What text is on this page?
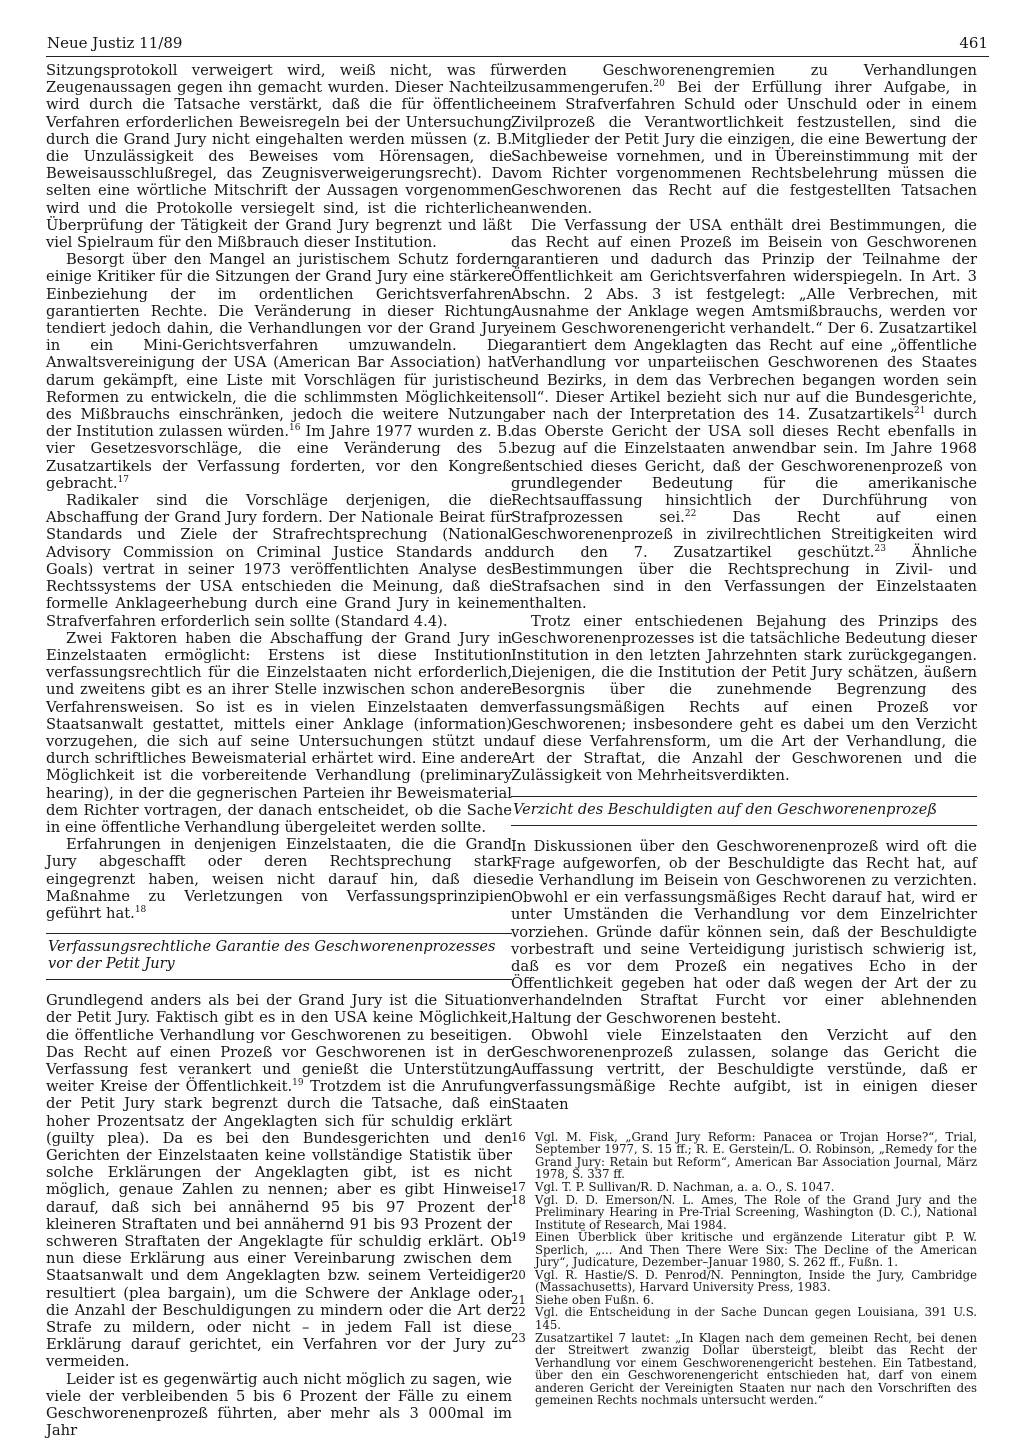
Neue Justiz 11/89	461

Sitzungsprotokoll verweigert wird, weiß nicht, was für Zeugenaussagen gegen ihn gemacht wurden. Dieser Nachteil wird durch die Tatsache verstärkt, daß die für öffentliche Verfahren erforderlichen Beweisregeln bei der Untersuchung durch die Grand Jury nicht eingehalten werden müssen (z. B. die Unzulässigkeit des Beweises vom Hörensagen, die Beweisausschlußregel, das Zeugnisverweigerungsrecht). Da selten eine wörtliche Mitschrift der Aussagen vorgenommen wird und die Protokolle versiegelt sind, ist die richterliche Überprüfung der Tätigkeit der Grand Jury begrenzt und läßt viel Spielraum für den Mißbrauch dieser Institution.

Besorgt über den Mangel an juristischem Schutz fordern einige Kritiker für die Sitzungen der Grand Jury eine stärkere Einbeziehung der im ordentlichen Gerichtsverfahren garantierten Rechte. Die Veränderung in dieser Richtung tendiert jedoch dahin, die Verhandlungen vor der Grand Jury in ein Mini-Gerichtsverfahren umzuwandeln. Die Anwaltsvereinigung der USA (American Bar Association) hat darum gekämpft, eine Liste mit Vorschlägen für juristische Reformen zu entwickeln, die die schlimmsten Möglichkeiten des Mißbrauchs einschränken, jedoch die weitere Nutzung der Institution zulassen würden.$^{16}$ Im Jahre 1977 wurden z. B. vier Gesetzesvorschläge, die eine Veränderung des 5. Zusatzartikels der Verfassung forderten, vor den Kongreß gebracht.$^{17}$

Radikaler sind die Vorschläge derjenigen, die die Abschaffung der Grand Jury fordern. Der Nationale Beirat für Standards und Ziele der Strafrechtsprechung (National Advisory Commission on Criminal Justice Standards and Goals) vertrat in seiner 1973 veröffentlichten Analyse des Rechtssystems der USA entschieden die Meinung, daß die formelle Anklageerhebung durch eine Grand Jury in keinem Strafverfahren erforderlich sein sollte (Standard 4.4).

Zwei Faktoren haben die Abschaffung der Grand Jury in Einzelstaaten ermöglicht: Erstens ist diese Institution verfassungsrechtlich für die Einzelstaaten nicht erforderlich, und zweitens gibt es an ihrer Stelle inzwischen schon andere Verfahrensweisen. So ist es in vielen Einzelstaaten dem Staatsanwalt gestattet, mittels einer Anklage (information) vorzugehen, die sich auf seine Untersuchungen stützt und durch schriftliches Beweismaterial erhärtet wird. Eine andere Möglichkeit ist die vorbereitende Verhandlung (preliminary hearing), in der die gegnerischen Parteien ihr Beweismaterial dem Richter vortragen, der danach entscheidet, ob die Sache in eine öffentliche Verhandlung übergeleitet werden sollte.

Erfahrungen in denjenigen Einzelstaaten, die die Grand Jury abgeschafft oder deren Rechtsprechung stark eingegrenzt haben, weisen nicht darauf hin, daß diese Maßnahme zu Verletzungen von Verfassungsprinzipien geführt hat.$^{18}$

Verfassungsrechtliche Garantie des Geschworenenprozesses vor der Petit Jury

Grundlegend anders als bei der Grand Jury ist die Situation der Petit Jury. Faktisch gibt es in den USA keine Möglichkeit, die öffentliche Verhandlung vor Geschworenen zu beseitigen. Das Recht auf einen Prozeß vor Geschworenen ist in der Verfassung fest verankert und genießt die Unterstützung weiter Kreise der Öffentlichkeit.$^{19}$ Trotzdem ist die Anrufung der Petit Jury stark begrenzt durch die Tatsache, daß ein hoher Prozentsatz der Angeklagten sich für schuldig erklärt (guilty plea). Da es bei den Bundesgerichten und den Gerichten der Einzelstaaten keine vollständige Statistik über solche Erklärungen der Angeklagten gibt, ist es nicht möglich, genaue Zahlen zu nennen; aber es gibt Hinweise darauf, daß sich bei annähernd 95 bis 97 Prozent der kleineren Straftaten und bei annähernd 91 bis 93 Prozent der schweren Straftaten der Angeklagte für schuldig erklärt. Ob nun diese Erklärung aus einer Vereinbarung zwischen dem Staatsanwalt und dem Angeklagten bzw. seinem Verteidiger resultiert (plea bargain), um die Schwere der Anklage oder die Anzahl der Beschuldigungen zu mindern oder die Art der Strafe zu mildern, oder nicht – in jedem Fall ist diese Erklärung darauf gerichtet, ein Verfahren vor der Jury zu vermeiden.

Leider ist es gegenwärtig auch nicht möglich zu sagen, wie viele der verbleibenden 5 bis 6 Prozent der Fälle zu einem Geschworenenprozeß führten, aber mehr als 3 000mal im Jahr

werden Geschworenengremien zu Verhandlungen zusammengerufen.$^{20}$ Bei der Erfüllung ihrer Aufgabe, in einem Strafverfahren Schuld oder Unschuld oder in einem Zivilprozeß die Verantwortlichkeit festzustellen, sind die Mitglieder der Petit Jury die einzigen, die eine Bewertung der Sachbeweise vornehmen, und in Übereinstimmung mit der vom Richter vorgenommenen Rechtsbelehrung müssen die Geschworenen das Recht auf die festgestellten Tatsachen anwenden.

Die Verfassung der USA enthält drei Bestimmungen, die das Recht auf einen Prozeß im Beisein von Geschworenen garantieren und dadurch das Prinzip der Teilnahme der Öffentlichkeit am Gerichtsverfahren widerspiegeln. In Art. 3 Abschn. 2 Abs. 3 ist festgelegt: „Alle Verbrechen, mit Ausnahme der Anklage wegen Amtsmißbrauchs, werden vor einem Geschworenengericht verhandelt.“ Der 6. Zusatzartikel garantiert dem Angeklagten das Recht auf eine „öffentliche Verhandlung vor unparteiischen Geschworenen des Staates und Bezirks, in dem das Verbrechen begangen worden sein soll“. Dieser Artikel bezieht sich nur auf die Bundesgerichte, aber nach der Interpretation des 14. Zusatzartikels$^{21}$ durch das Oberste Gericht der USA soll dieses Recht ebenfalls in bezug auf die Einzelstaaten anwendbar sein. Im Jahre 1968 entschied dieses Gericht, daß der Geschworenenprozeß von grundlegender Bedeutung für die amerikanische Rechtsauffassung hinsichtlich der Durchführung von Strafprozessen sei.$^{22}$ Das Recht auf einen Geschworenenprozeß in zivilrechtlichen Streitigkeiten wird durch den 7. Zusatzartikel geschützt.$^{23}$ Ähnliche Bestimmungen über die Rechtsprechung in Zivil- und Strafsachen sind in den Verfassungen der Einzelstaaten enthalten.

Trotz einer entschiedenen Bejahung des Prinzips des Geschworenenprozesses ist die tatsächliche Bedeutung dieser Institution in den letzten Jahrzehnten stark zurückgegangen. Diejenigen, die die Institution der Petit Jury schätzen, äußern Besorgnis über die zunehmende Begrenzung des verfassungsmäßigen Rechts auf einen Prozeß vor Geschworenen; insbesondere geht es dabei um den Verzicht auf diese Verfahrensform, um die Art der Verhandlung, die Art der Straftat, die Anzahl der Geschworenen und die Zulässigkeit von Mehrheitsverdikten.

Verzicht des Beschuldigten auf den Geschworenenprozeß

In Diskussionen über den Geschworenenprozeß wird oft die Frage aufgeworfen, ob der Beschuldigte das Recht hat, auf die Verhandlung im Beisein von Geschworenen zu verzichten. Obwohl er ein verfassungsmäßiges Recht darauf hat, wird er unter Umständen die Verhandlung vor dem Einzelrichter vorziehen. Gründe dafür können sein, daß der Beschuldigte vorbestraft und seine Verteidigung juristisch schwierig ist, daß es vor dem Prozeß ein negatives Echo in der Öffentlichkeit gegeben hat oder daß wegen der Art der zu verhandelnden Straftat Furcht vor einer ablehnenden Haltung der Geschworenen besteht.

Obwohl viele Einzelstaaten den Verzicht auf den Geschworenenprozeß zulassen, solange das Gericht die Auffassung vertritt, der Beschuldigte verstünde, daß er verfassungsmäßige Rechte aufgibt, ist in einigen dieser Staaten

16 Vgl. M. Fisk, „Grand Jury Reform: Panacea or Trojan Horse?“, Trial, September 1977, S. 15 ff.; R. E. Gerstein/L. O. Robinson, „Remedy for the Grand Jury: Retain but Reform“, American Bar Association Journal, März 1978, S. 337 ff.
17 Vgl. T. P. Sullivan/R. D. Nachman, a. a. O., S. 1047.
18 Vgl. D. D. Emerson/N. L. Ames, The Role of the Grand Jury and the Preliminary Hearing in Pre-Trial Screening, Washington (D. C.), National Institute of Research, Mai 1984.
19 Einen Überblick über kritische und ergänzende Literatur gibt P. W. Sperlich, „... And Then There Were Six: The Decline of the American Jury“, Judicature, Dezember–Januar 1980, S. 262 ff., Fußn. 1.
20 Vgl. R. Hastie/S. D. Penrod/N. Pennington, Inside the Jury, Cambridge (Massachusetts), Harvard University Press, 1983.
21 Siehe oben Fußn. 6.
22 Vgl. die Entscheidung in der Sache Duncan gegen Louisiana, 391 U.S. 145.
23 Zusatzartikel 7 lautet: „In Klagen nach dem gemeinen Recht, bei denen der Streitwert zwanzig Dollar übersteigt, bleibt das Recht der Verhandlung vor einem Geschworenengericht bestehen. Ein Tatbestand, über den ein Geschworenengericht entschieden hat, darf von einem anderen Gericht der Vereinigten Staaten nur nach den Vorschriften des gemeinen Rechts nochmals untersucht werden.“
